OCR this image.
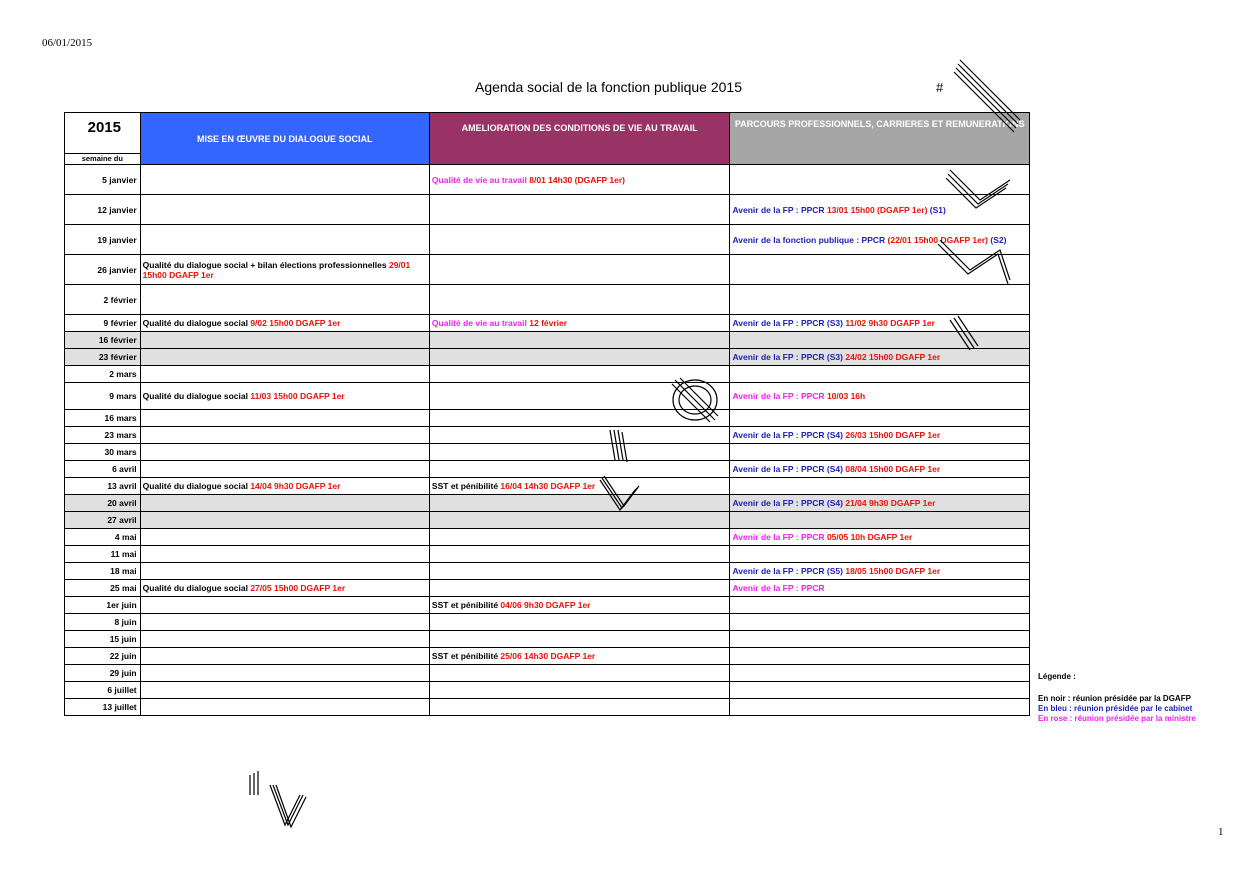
06/01/2015
Agenda social de la fonction publique 2015	#
2015
semaine du	MISE EN ŒUVRE DU DIALOGUE SOCIAL	AMELIORATION DES CONDITIONS DE VIE AU TRAVAIL	PARCOURS PROFESSIONNELS, CARRIERES ET REMUNERATIONS
5 janvier		Qualité de vie au travail 8/01 14h30 (DGAFP 1er)	
12 janvier			Avenir de la FP : PPCR 13/01 15h00 (DGAFP 1er) (S1)
19 janvier			Avenir de la fonction publique : PPCR (22/01 15h00 DGAFP 1er) (S2)
26 janvier	Qualité du dialogue social + bilan élections professionnelles 29/01 15h00 DGAFP 1er		
2 février			
9 février	Qualité du dialogue social 9/02 15h00 DGAFP 1er	Qualité de vie au travail 12 février	Avenir de la FP : PPCR (S3) 11/02 9h30 DGAFP 1er
16 février			
23 février			Avenir de la FP : PPCR (S3) 24/02 15h00 DGAFP 1er
2 mars			
9 mars	Qualité du dialogue social 11/03 15h00 DGAFP 1er		Avenir de la FP : PPCR 10/03 16h
16 mars			
23 mars			Avenir de la FP : PPCR (S4) 26/03 15h00 DGAFP 1er
30 mars			
6 avril			Avenir de la FP : PPCR (S4) 08/04 15h00 DGAFP 1er
13 avril	Qualité du dialogue social 14/04 9h30 DGAFP 1er	SST et pénibilité 16/04 14h30 DGAFP 1er	
20 avril			Avenir de la FP : PPCR (S4) 21/04 9h30 DGAFP 1er
27 avril			
4 mai			Avenir de la FP : PPCR 05/05 10h DGAFP 1er
11 mai			
18 mai			Avenir de la FP : PPCR (S5) 18/05 15h00 DGAFP 1er
25 mai	Qualité du dialogue social 27/05 15h00 DGAFP 1er		Avenir de la FP : PPCR
1er juin		SST et pénibilité 04/06 9h30 DGAFP 1er	
8 juin			
15 juin			
22 juin		SST et pénibilité 25/06 14h30 DGAFP 1er	
29 juin			
6 juillet			
13 juillet			
Légende :
En noir : réunion présidée par la DGAFP
En bleu : réunion présidée par le cabinet
En rose : réunion présidée par la ministre
1
